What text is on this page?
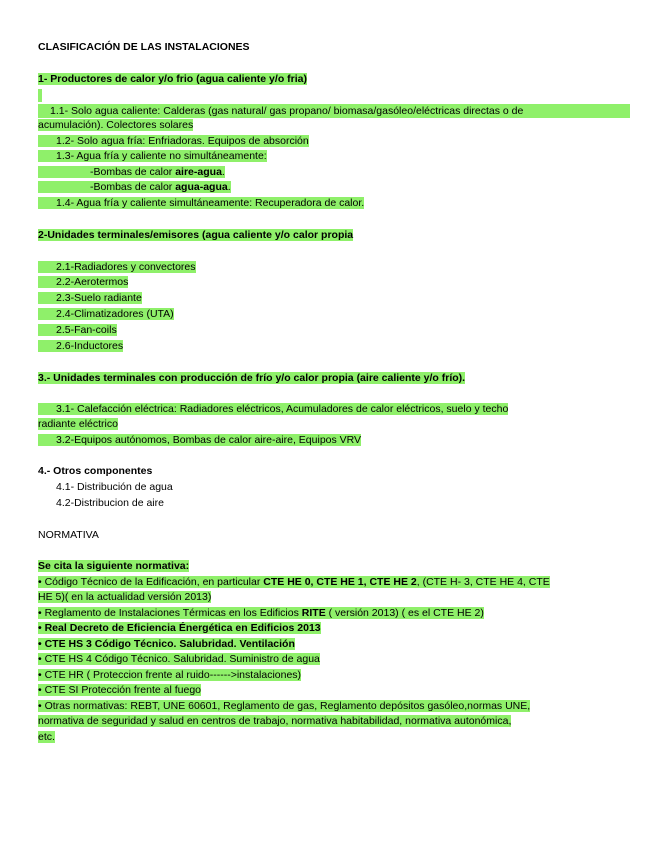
CLASIFICACIÓN DE LAS INSTALACIONES
1- Productores de calor y/o frio (agua caliente y/o fria)
1.1- Solo agua caliente: Calderas (gas natural/ gas propano/ biomasa/gasóleo/eléctricas directas o de
acumulación). Colectores solares
1.2- Solo agua fría: Enfriadoras. Equipos de absorción
1.3- Agua fría y caliente no simultáneamente:
-Bombas de calor aire-agua.
-Bombas de calor agua-agua.
1.4- Agua fría y caliente simultáneamente: Recuperadora de calor.
2-Unidades terminales/emisores (agua caliente y/o calor propia
2.1-Radiadores y convectores
2.2-Aerotermos
2.3-Suelo radiante
2.4-Climatizadores (UTA)
2.5-Fan-coils
2.6-Inductores
3.- Unidades terminales con producción de frío y/o calor propia (aire caliente y/o frío).
3.1- Calefacción eléctrica: Radiadores eléctricos, Acumuladores de calor eléctricos, suelo y techo
radiante eléctrico
3.2-Equipos autónomos, Bombas de calor aire-aire, Equipos VRV
4.- Otros componentes
4.1- Distribución de agua
4.2-Distribucion de aire
NORMATIVA
Se cita la siguiente normativa:
• Código Técnico de la Edificación, en particular CTE HE 0, CTE HE 1, CTE HE 2, (CTE H- 3, CTE HE 4, CTE
HE 5)( en la actualidad versión 2013)
• Reglamento de Instalaciones Térmicas en los Edificios RITE ( versión 2013) ( es el CTE HE 2)
• Real Decreto de Eficiencia Énergética en Edificios 2013
• CTE HS 3 Código Técnico. Salubridad. Ventilación
• CTE HS 4 Código Técnico. Salubridad. Suministro de agua
• CTE HR ( Proteccion frente al ruido------>instalaciones)
• CTE SI Protección frente al fuego
• Otras normativas: REBT, UNE 60601, Reglamento de gas, Reglamento depósitos gasóleo,normas UNE,
normativa de seguridad y salud en centros de trabajo, normativa habitabilidad, normativa autonómica,
etc.
